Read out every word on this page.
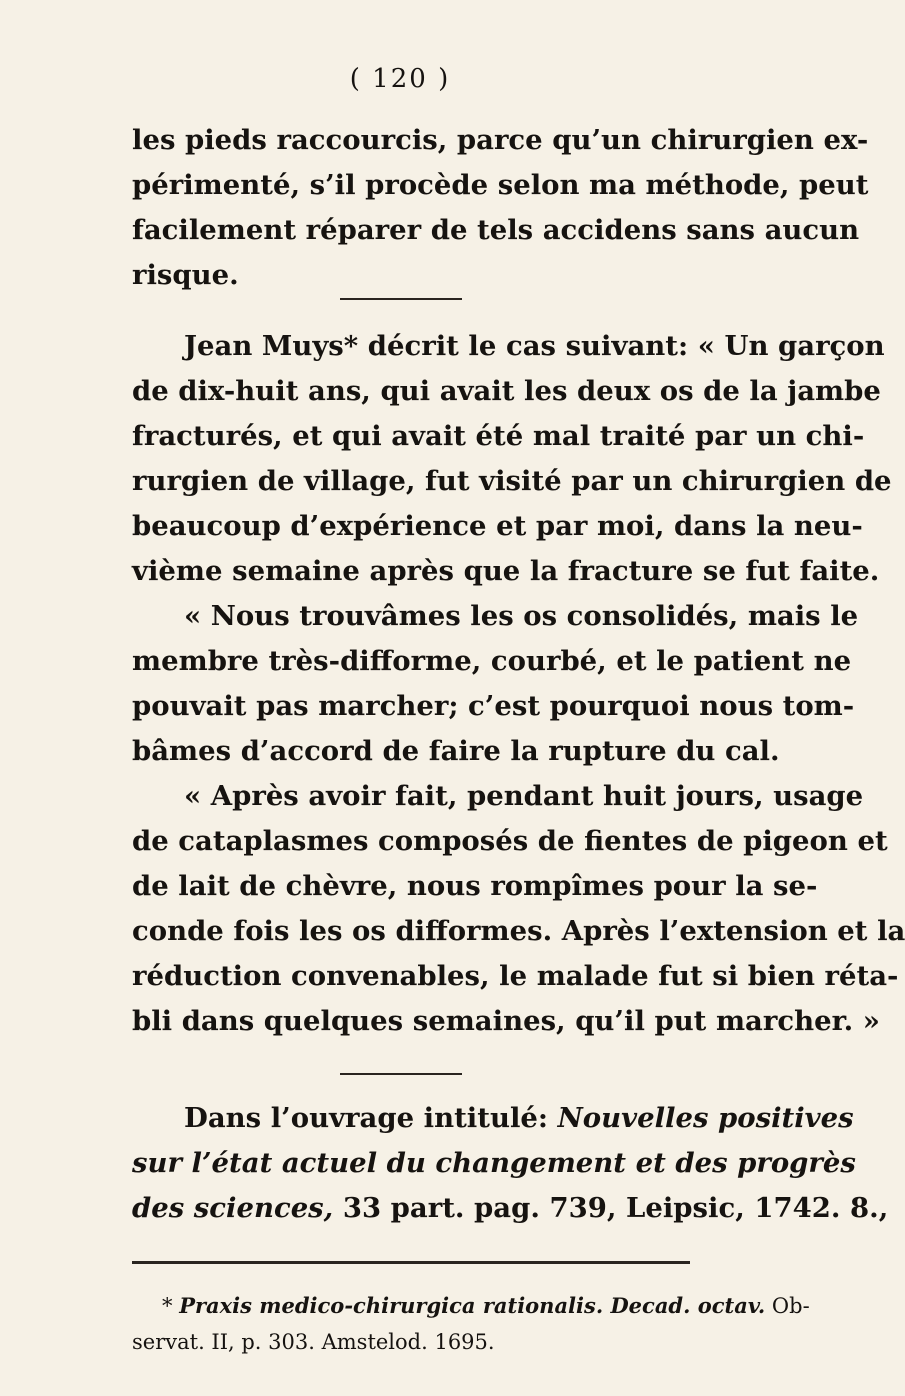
( 120 )
les pieds raccourcis, parce qu’un chirurgien ex-
périmenté, s’il procède selon ma méthode, peut
facilement réparer de tels accidens sans aucun
risque.
Jean Muys* décrit le cas suivant: « Un garçon
de dix-huit ans, qui avait les deux os de la jambe
fracturés, et qui avait été mal traité par un chi-
rurgien de village, fut visité par un chirurgien de
beaucoup d’expérience et par moi, dans la neu-
vième semaine après que la fracture se fut faite.
« Nous trouvâmes les os consolidés, mais le
membre très-difforme, courbé, et le patient ne
pouvait pas marcher; c’est pourquoi nous tom-
bâmes d’accord de faire la rupture du cal.
« Après avoir fait, pendant huit jours, usage
de cataplasmes composés de fientes de pigeon et
de lait de chèvre, nous rompîmes pour la se-
conde fois les os difformes. Après l’extension et la
réduction convenables, le malade fut si bien réta-
bli dans quelques semaines, qu’il put marcher. »
Dans l’ouvrage intitulé: Nouvelles positives
sur l’état actuel du changement et des progrès
des sciences, 33 part. pag. 739, Leipsic, 1742. 8.,
* Praxis medico-chirurgica rationalis. Decad. octav. Ob-
servat. II, p. 303. Amstelod. 1695.
